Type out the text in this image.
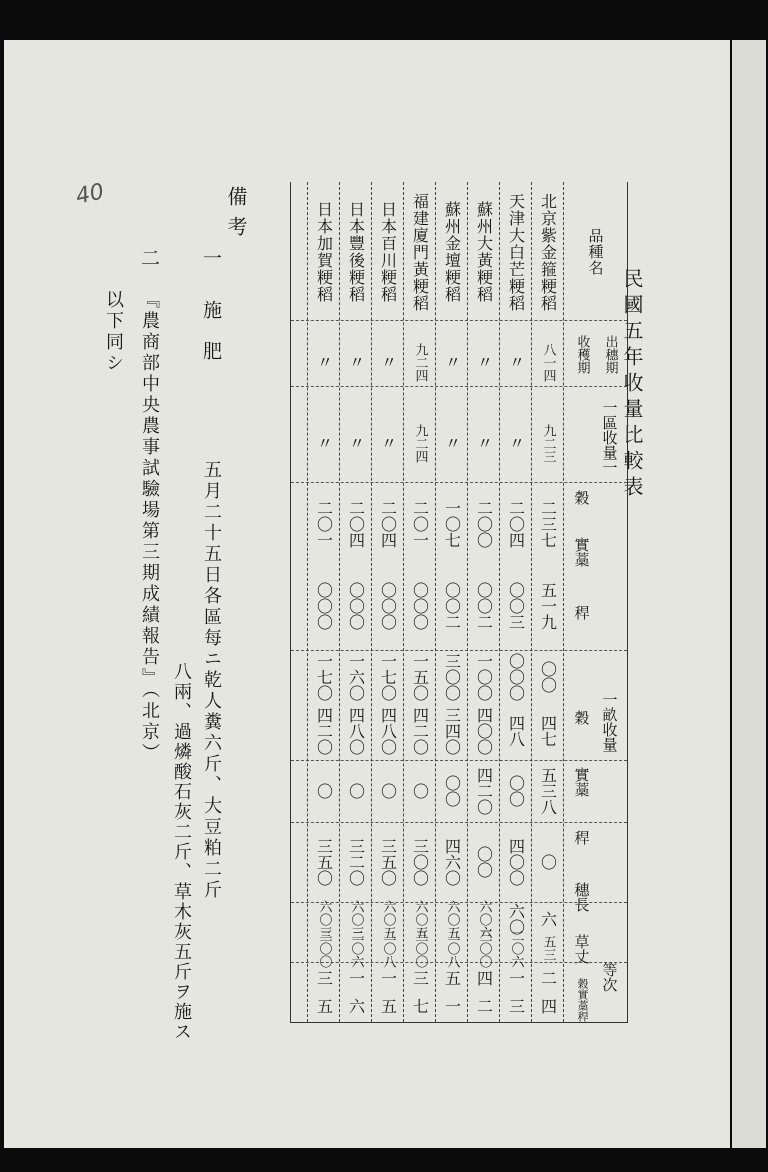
40
民國五年收量比較表
品種名
出穗期
收穫期
一區收量一
穀
實藁
稈
一畝收量
穀
實藁
稈
穗長
草丈
等次
穀實藁稈
北京紫金箍粳稻
八一四
九二三
二三七
五一九
〇〇
四七
五三八
〇
六
五三
二
四
天津大白芒粳稻
〃
〃
二〇四
〇〇三
〇〇〇
四八
〇〇
四〇〇
六〇
二〇六
一
三
蘇州大黃粳稻
〃
〃
二〇〇
〇〇二
一〇〇
四〇〇
四二〇
〇〇
六〇六
三〇〇
四
二
蘇州金壇粳稻
〃
〃
一〇七
〇〇二
三〇〇
三四〇
〇〇
四六〇
六〇五
二〇八
五
一
福建廈門黃粳稻
九二四
九二四
二〇一
〇〇〇
一五〇
四二〇
〇
三〇〇
六〇五
三〇〇
三
七
日本百川粳稻
〃
〃
二〇四
〇〇〇
一七〇
四八〇
〇
三五〇
六〇五
二〇八
一
五
日本豐後粳稻
〃
〃
二〇四
〇〇〇
一六〇
四八〇
〇
三二〇
六〇三
二〇六
一
六
日本加賀粳稻
〃
〃
二〇一
〇〇〇
一七〇
四二〇
〇
三五〇
六〇三
三〇〇
三
五
備考
一
施肥
五月二十五日各區每ニ乾人糞六斤、大豆粕二斤
八兩、過燐酸石灰二斤、草木灰五斤ヲ施ス
二
『農商部中央農事試驗場第三期成績報告』（北京）
以下同シ
